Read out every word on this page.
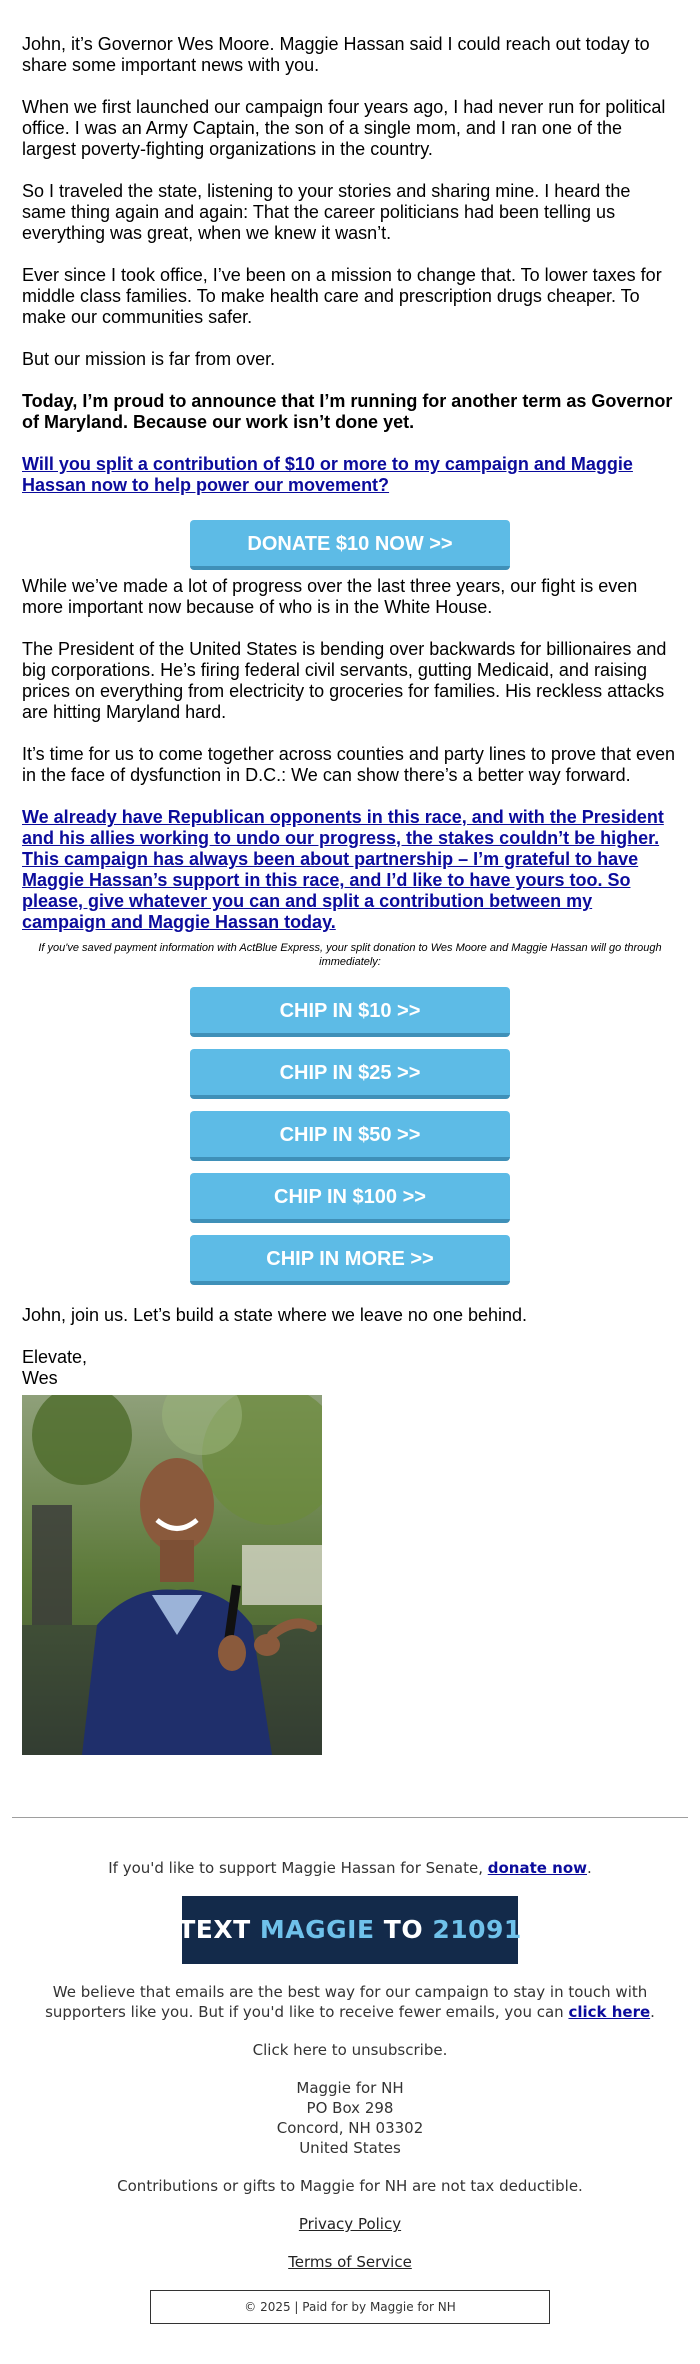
John, it’s Governor Wes Moore. Maggie Hassan said I could reach out today to share some important news with you.

When we first launched our campaign four years ago, I had never run for political office. I was an Army Captain, the son of a single mom, and I ran one of the largest poverty-fighting organizations in the country.

So I traveled the state, listening to your stories and sharing mine. I heard the same thing again and again: That the career politicians had been telling us everything was great, when we knew it wasn’t.

Ever since I took office, I’ve been on a mission to change that. To lower taxes for middle class families. To make health care and prescription drugs cheaper. To make our communities safer.

But our mission is far from over.

Today, I’m proud to announce that I’m running for another term as Governor of Maryland. Because our work isn’t done yet.

Will you split a contribution of $10 or more to my campaign and Maggie Hassan now to help power our movement?

DONATE $10 NOW >>

While we’ve made a lot of progress over the last three years, our fight is even more important now because of who is in the White House.

The President of the United States is bending over backwards for billionaires and big corporations. He’s firing federal civil servants, gutting Medicaid, and raising prices on everything from electricity to groceries for families. His reckless attacks are hitting Maryland hard.

It’s time for us to come together across counties and party lines to prove that even in the face of dysfunction in D.C.: We can show there’s a better way forward.

We already have Republican opponents in this race, and with the President and his allies working to undo our progress, the stakes couldn’t be higher. This campaign has always been about partnership – I’m grateful to have Maggie Hassan’s support in this race, and I’d like to have yours too. So please, give whatever you can and split a contribution between my campaign and Maggie Hassan today.

If you've saved payment information with ActBlue Express, your split donation to Wes Moore and Maggie Hassan will go through immediately:

CHIP IN $10 >>
CHIP IN $25 >>
CHIP IN $50 >>
CHIP IN $100 >>
CHIP IN MORE >>

John, join us. Let’s build a state where we leave no one behind.

Elevate,
Wes

If you'd like to support Maggie Hassan for Senate, donate now.

TEXT
MAGGIE
TO
21091

We believe that emails are the best way for our campaign to stay in touch with supporters like you. But if you'd like to receive fewer emails, you can click here.

Click here to unsubscribe.

Maggie for NH
PO Box 298
Concord, NH 03302
United States

Contributions or gifts to Maggie for NH are not tax deductible.

Privacy Policy

Terms of Service

© 2025 | Paid for by Maggie for NH
